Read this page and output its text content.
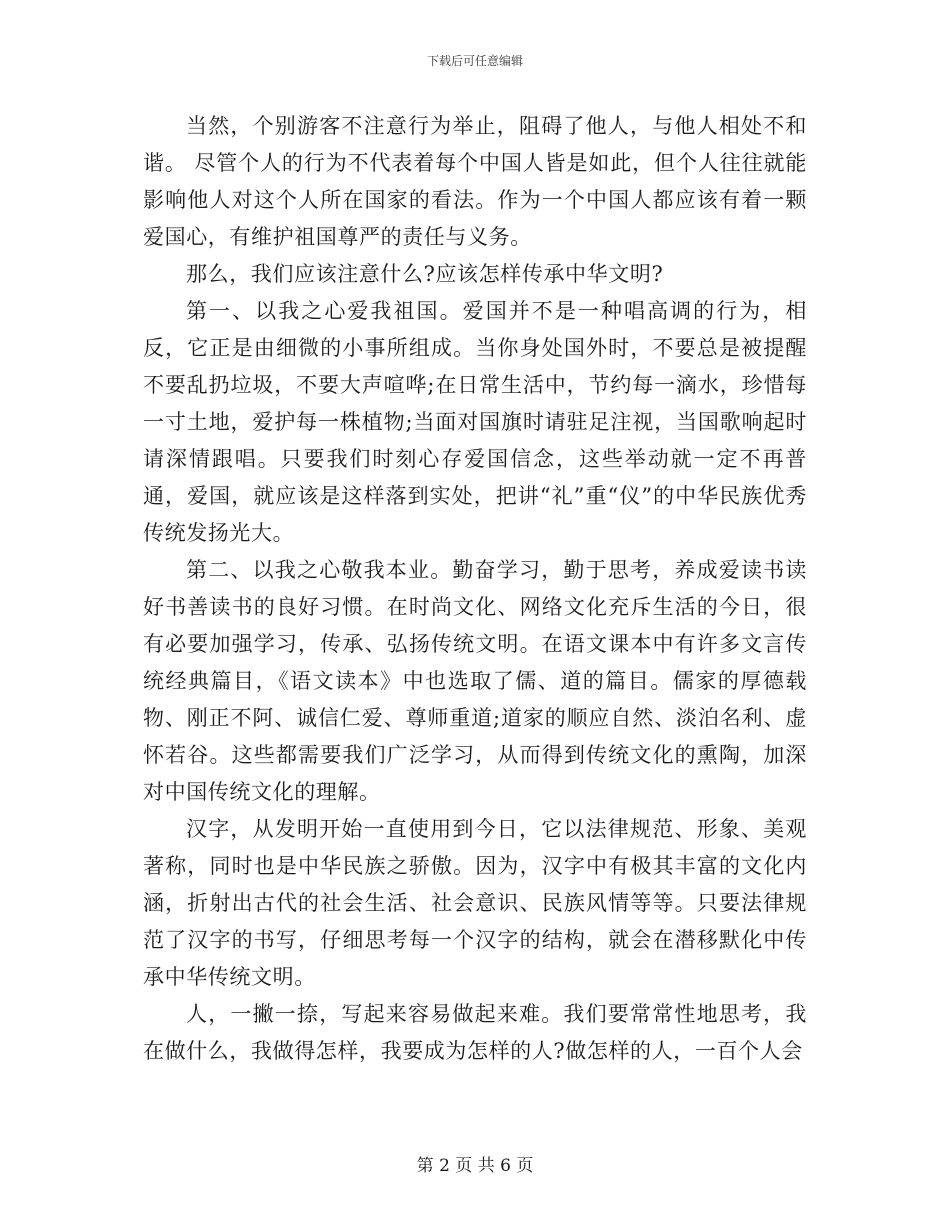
下载后可任意编辑

当然，个别游客不注意行为举止，阻碍了他人，与他人相处不和谐。 尽管个人的行为不代表着每个中国人皆是如此，但个人往往就能影响他人对这个人所在国家的看法。作为一个中国人都应该有着一颗爱国心，有维护祖国尊严的责任与义务。

那么，我们应该注意什么?应该怎样传承中华文明?

第一、以我之心爱我祖国。爱国并不是一种唱高调的行为，相反，它正是由细微的小事所组成。当你身处国外时，不要总是被提醒不要乱扔垃圾，不要大声喧哗;在日常生活中，节约每一滴水，珍惜每一寸土地，爱护每一株植物;当面对国旗时请驻足注视，当国歌响起时请深情跟唱。只要我们时刻心存爱国信念，这些举动就一定不再普通，爱国，就应该是这样落到实处，把讲“礼”重“仪”的中华民族优秀传统发扬光大。

第二、以我之心敬我本业。勤奋学习，勤于思考，养成爱读书读好书善读书的良好习惯。在时尚文化、网络文化充斥生活的今日，很有必要加强学习，传承、弘扬传统文明。在语文课本中有许多文言传统经典篇目，《语文读本》中也选取了儒、道的篇目。儒家的厚德载物、刚正不阿、诚信仁爱、尊师重道;道家的顺应自然、淡泊名利、虚怀若谷。这些都需要我们广泛学习，从而得到传统文化的熏陶，加深对中国传统文化的理解。

汉字，从发明开始一直使用到今日，它以法律规范、形象、美观著称，同时也是中华民族之骄傲。因为，汉字中有极其丰富的文化内涵，折射出古代的社会生活、社会意识、民族风情等等。只要法律规范了汉字的书写，仔细思考每一个汉字的结构，就会在潜移默化中传承中华传统文明。

人，一撇一捺，写起来容易做起来难。我们要常常性地思考，我在做什么，我做得怎样，我要成为怎样的人?做怎样的人，一百个人会

第 2 页 共 6 页
